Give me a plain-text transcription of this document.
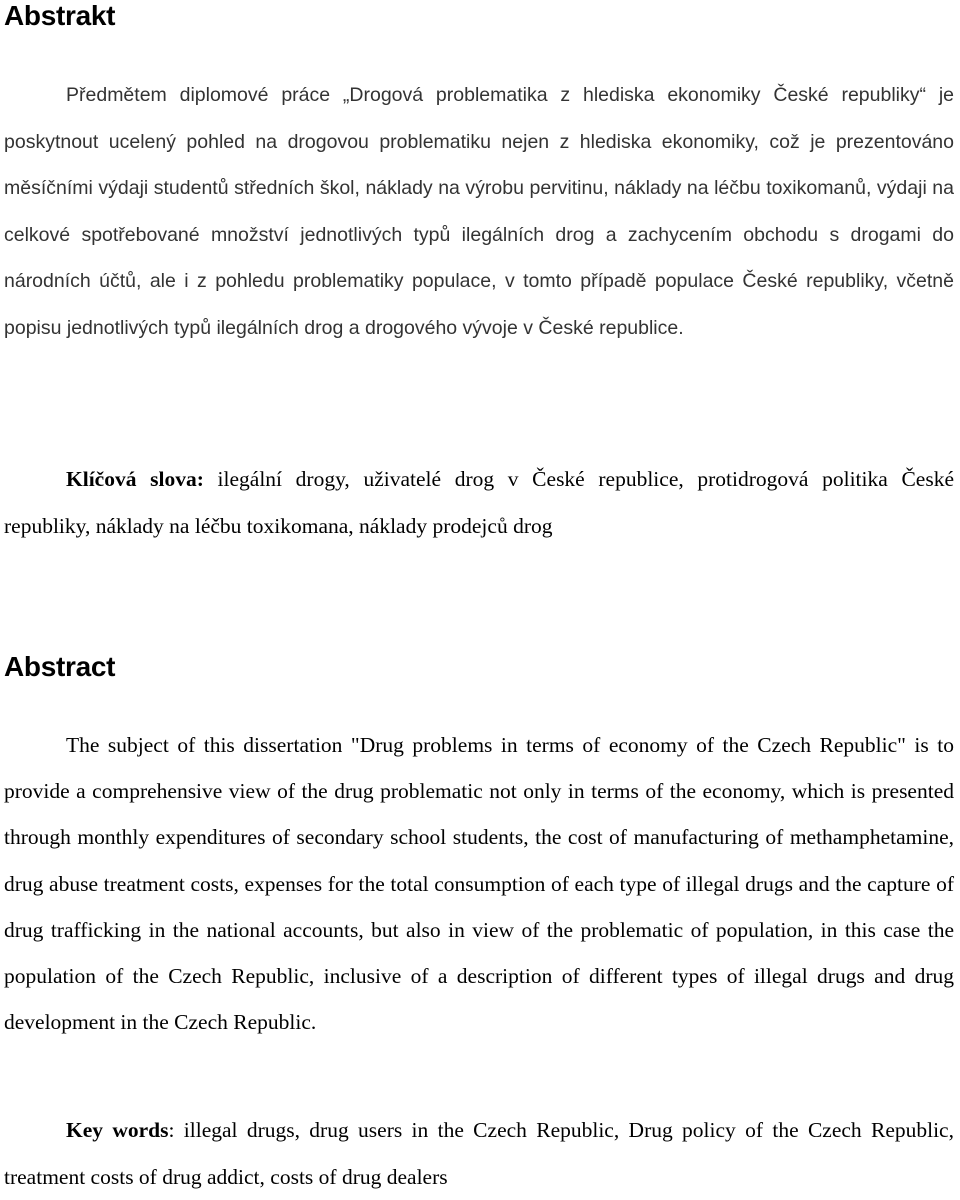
Abstrakt

Předmětem diplomové práce „Drogová problematika z hlediska ekonomiky České republiky“ je poskytnout ucelený pohled na drogovou problematiku nejen z hlediska ekonomiky, což je prezentováno měsíčními výdaji studentů středních škol, náklady na výrobu pervitinu, náklady na léčbu toxikomanů, výdaji na celkové spotřebované množství jednotlivých typů ilegálních drog a zachycením obchodu s drogami do národních účtů, ale i z pohledu problematiky populace, v tomto případě populace České republiky, včetně popisu jednotlivých typů ilegálních drog a drogového vývoje v České republice.

Klíčová slova: ilegální drogy, uživatelé drog v České republice, protidrogová politika České republiky, náklady na léčbu toxikomana, náklady prodejců drog

Abstract

The subject of this dissertation "Drug problems in terms of economy of the Czech Republic" is to provide a comprehensive view of the drug problematic not only in terms of the economy, which is presented through monthly expenditures of secondary school students, the cost of manufacturing of methamphetamine, drug abuse treatment costs, expenses for the total consumption of each type of illegal drugs and the capture of drug trafficking in the national accounts, but also in view of the problematic of population, in this case the population of the Czech Republic, inclusive of a description of different types of illegal drugs and drug development in the Czech Republic.

Key words: illegal drugs, drug users in the Czech Republic, Drug policy of the Czech Republic, treatment costs of drug addict, costs of drug dealers
